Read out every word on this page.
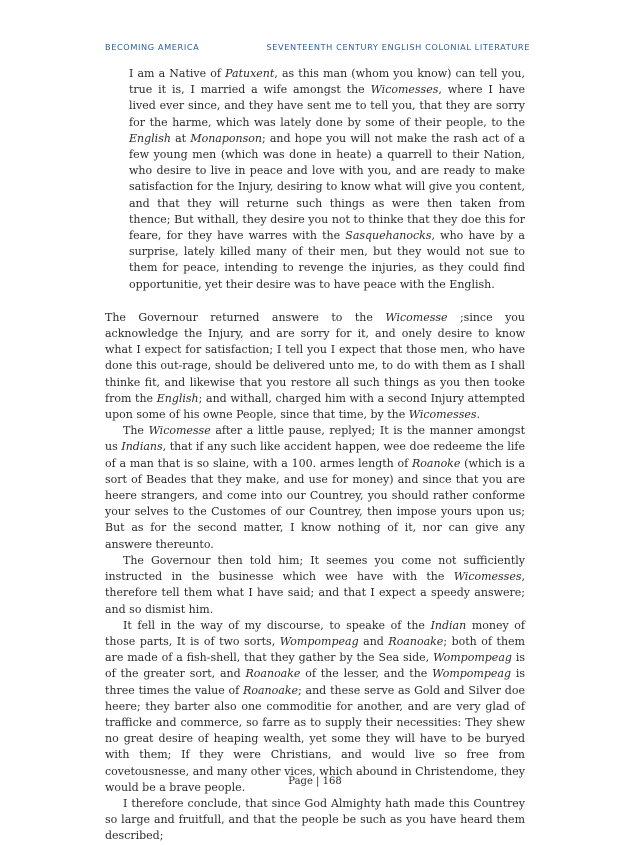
BECOMING AMERICA	SEVENTEENTH CENTURY ENGLISH COLONIAL LITERATURE

I am a Native of Patuxent, as this man (whom you know) can tell you, true it is, I married a wife amongst the Wicomesses, where I have lived ever since, and they have sent me to tell you, that they are sorry for the harme, which was lately done by some of their people, to the English at Monaponson; and hope you will not make the rash act of a few young men (which was done in heate) a quarrell to their Nation, who desire to live in peace and love with you, and are ready to make satisfaction for the Injury, desiring to know what will give you content, and that they will returne such things as were then taken from thence; But withall, they desire you not to thinke that they doe this for feare, for they have warres with the Sasquehanocks, who have by a surprise, lately killed many of their men, but they would not sue to them for peace, intending to revenge the injuries, as they could find opportunitie, yet their desire was to have peace with the English.

The Governour returned answere to the Wicomesse ;since you acknowledge the Injury, and are sorry for it, and onely desire to know what I expect for satisfaction; I tell you I expect that those men, who have done this out-rage, should be delivered unto me, to do with them as I shall thinke fit, and likewise that you restore all such things as you then tooke from the English; and withall, charged him with a second Injury attempted upon some of his owne People, since that time, by the Wicomesses.

The Wicomesse after a little pause, replyed; It is the manner amongst us Indians, that if any such like accident happen, wee doe redeeme the life of a man that is so slaine, with a 100. armes length of Roanoke (which is a sort of Beades that they make, and use for money) and since that you are heere strangers, and come into our Countrey, you should rather conforme your selves to the Customes of our Countrey, then impose yours upon us; But as for the second matter, I know nothing of it, nor can give any answere thereunto.

The Governour then told him; It seemes you come not sufficiently instructed in the businesse which wee have with the Wicomesses, therefore tell them what I have said; and that I expect a speedy answere; and so dismist him.

It fell in the way of my discourse, to speake of the Indian money of those parts, It is of two sorts, Wompompeag and Roanoake; both of them are made of a fish-shell, that they gather by the Sea side, Wompompeag is of the greater sort, and Roanoake of the lesser, and the Wompompeag is three times the value of Roanoake; and these serve as Gold and Silver doe heere; they barter also one commoditie for another, and are very glad of trafficke and commerce, so farre as to supply their necessities: They shew no great desire of heaping wealth, yet some they will have to be buryed with them; If they were Christians, and would live so free from covetousnesse, and many other vices, which abound in Christendome, they would be a brave people.

I therefore conclude, that since God Almighty hath made this Countrey so large and fruitfull, and that the people be such as you have heard them described;

Page | 168
